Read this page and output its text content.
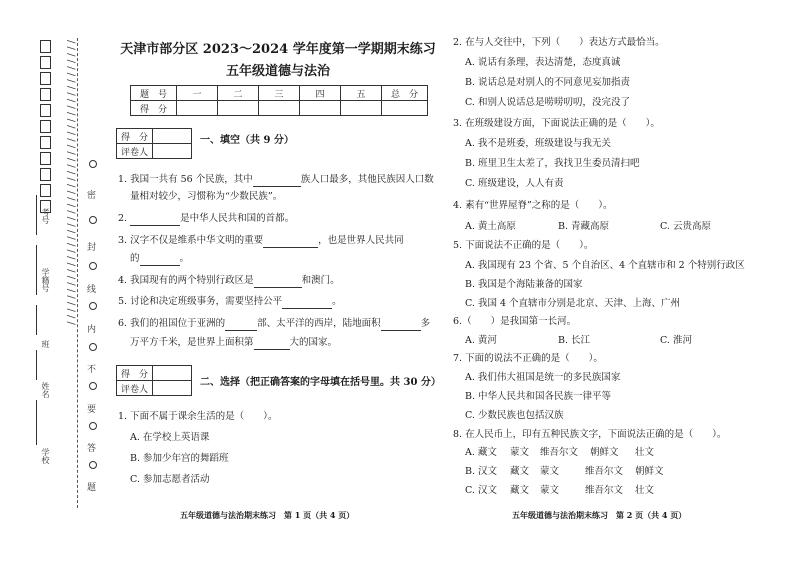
考号
学籍号
班
姓名
学校
/ / / / / / / / / / / / / / / / / / / / / / / / / / / / / / / / / / / / / / / / / / / / 密
封
线
内
不
要
答
题
天津市部分区 2023～2024 学年度第一学期期末练习
五年级道德与法治
题　号	一	二	三	四	五	总　分
得　分						
得　分	
评卷人	
一、填空（共 9 分）
1. 我国一共有 56 个民族，其中	族人口最多，其他民族因人口数
量相对较少，习惯称为“少数民族”。
2.	是中华人民共和国的首都。
3. 汉字不仅是维系中华文明的重要	，也是世界人民共同
的	。
4. 我国现有的两个特别行政区是	和澳门。
5. 讨论和决定班级事务，需要坚持公平	。
6. 我们的祖国位于亚洲的	部、太平洋的西岸，陆地面积	多
万平方千米，是世界上面积第	大的国家。
得　分	
评卷人	
二、选择（把正确答案的字母填在括号里。共 30 分）
1. 下面不属于课余生活的是（　　）。
A. 在学校上英语课
B. 参加少年宫的舞蹈班
C. 参加志愿者活动
五年级道德与法治期末练习　第 1 页（共 4 页）
2. 在与人交往中，下列（　　）表达方式最恰当。
A. 说话有条理，表达清楚，态度真诚
B. 说话总是对别人的不同意见妄加指责
C. 和别人说话总是唠唠叨叨，没完没了
3. 在班级建设方面，下面说法正确的是（　　）。
A. 我不是班委，班级建设与我无关
B. 班里卫生太差了，我找卫生委员清扫吧
C. 班级建设，人人有责
4. 素有“世界屋脊”之称的是（　　）。
A. 黄土高原	B. 青藏高原	C. 云贵高原
5. 下面说法不正确的是（　　）。
A. 我国现有 23 个省、5 个自治区、4 个直辖市和 2 个特别行政区
B. 我国是个海陆兼备的国家
C. 我国 4 个直辖市分别是北京、天津、上海、广州
6.（　　）是我国第一长河。
A. 黄河	B. 长江	C. 淮河
7. 下面的说法不正确的是（　　）。
A. 我们伟大祖国是统一的多民族国家
B. 中华人民共和国各民族一律平等
C. 少数民族也包括汉族
8. 在人民币上，印有五种民族文字，下面说法正确的是（　　）。
A. 藏文 蒙文 维吾尔文 朝鲜文 壮文
B. 汉文 藏文 蒙文	维吾尔文 朝鲜文
C. 汉文 藏文 蒙文	维吾尔文 壮文
五年级道德与法治期末练习　第 2 页（共 4 页）
